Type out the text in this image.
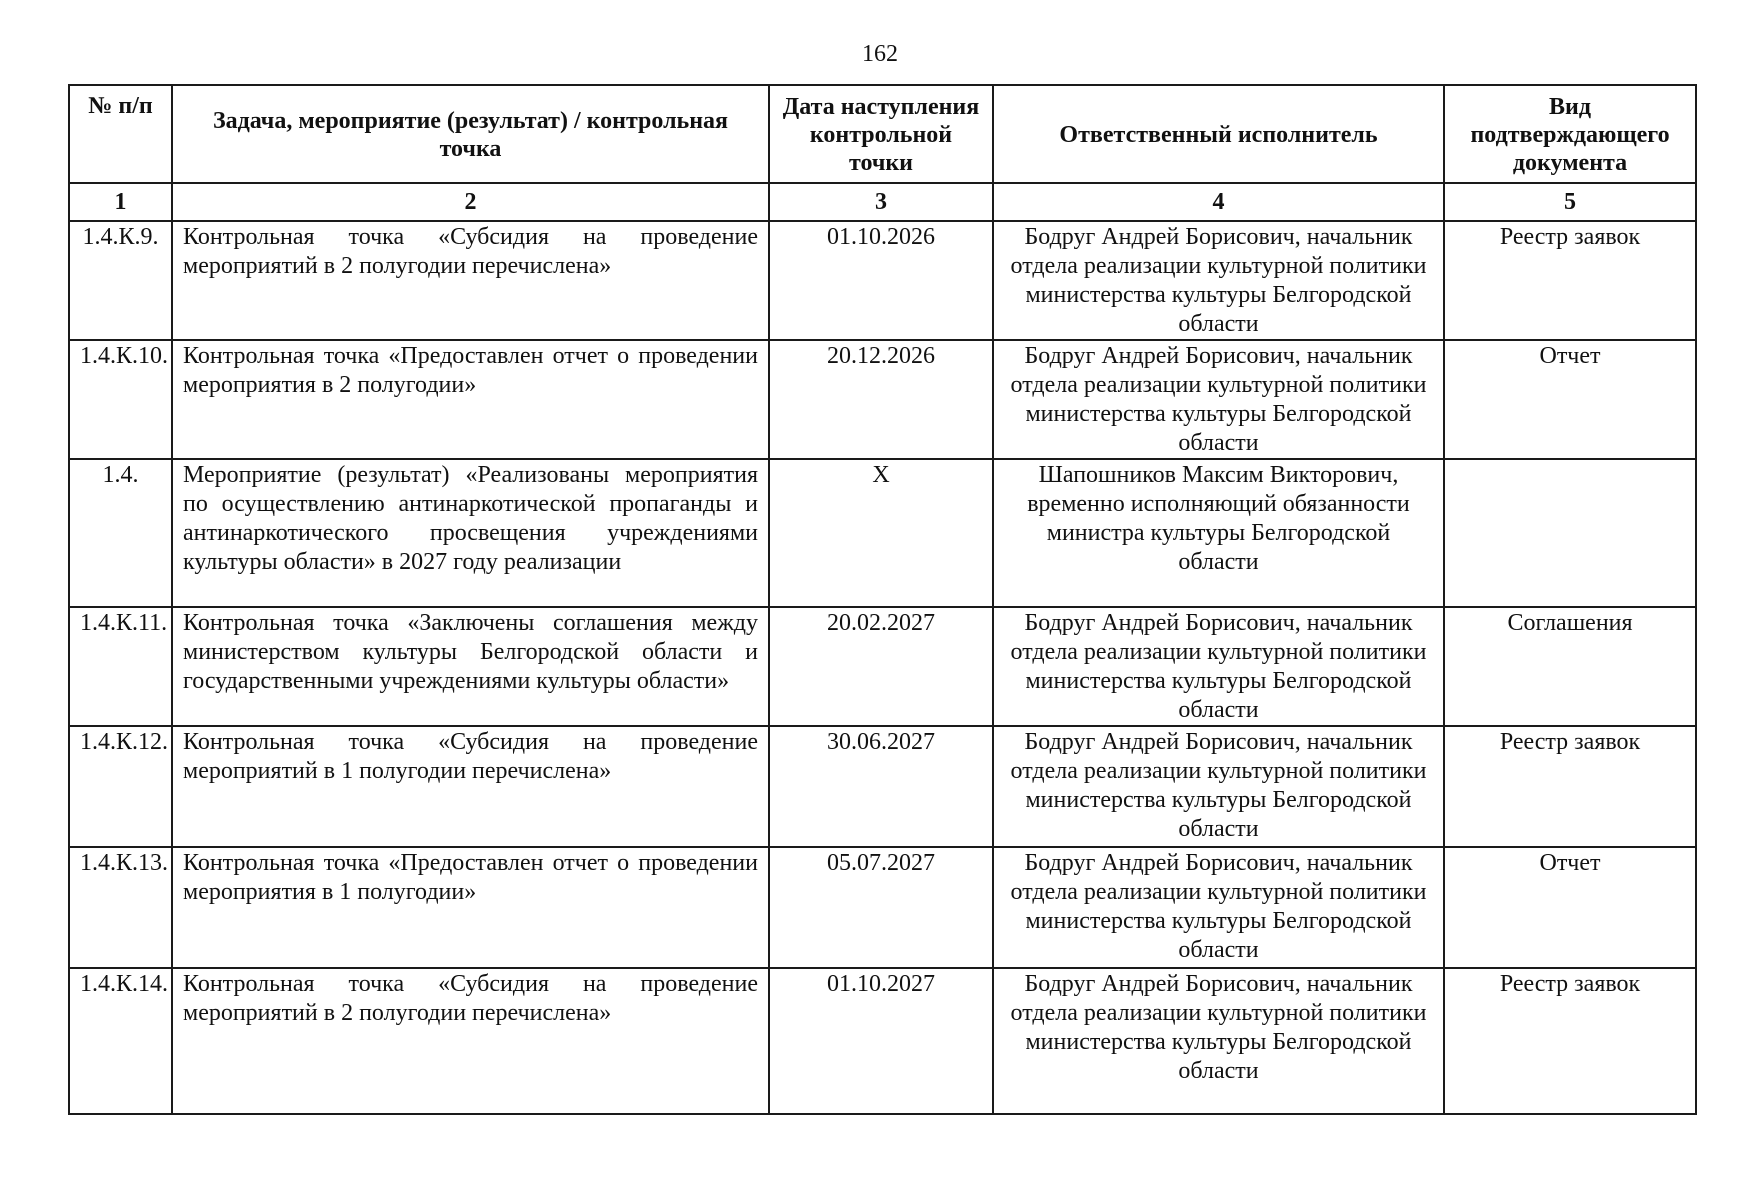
162
№ п/п	Задача, мероприятие (результат) / контрольная точка	Дата наступления контрольной точки	Ответственный исполнитель	Вид подтверждающего документа
1	2	3	4	5
1.4.К.9.	Контрольная точка «Субсидия на проведение мероприятий в 2 полугодии перечислена»	01.10.2026	Бодруг Андрей Борисович, начальник отдела реализации культурной политики министерства культуры Белгородской области	Реестр заявок
1.4.К.10.	Контрольная точка «Предоставлен отчет о проведении мероприятия в 2 полугодии»	20.12.2026	Бодруг Андрей Борисович, начальник отдела реализации культурной политики министерства культуры Белгородской области	Отчет
1.4.	Мероприятие (результат) «Реализованы мероприятия по осуществлению антинаркотической пропаганды и антинаркотического просвещения учреждениями культуры области» в 2027 году реализации	Х	Шапошников Максим Викторович, временно исполняющий обязанности министра культуры Белгородской области	
1.4.К.11.	Контрольная точка «Заключены соглашения между министерством культуры Белгородской области и государственными учреждениями культуры области»	20.02.2027	Бодруг Андрей Борисович, начальник отдела реализации культурной политики министерства культуры Белгородской области	Соглашения
1.4.К.12.	Контрольная точка «Субсидия на проведение мероприятий в 1 полугодии перечислена»	30.06.2027	Бодруг Андрей Борисович, начальник отдела реализации культурной политики министерства культуры Белгородской области	Реестр заявок
1.4.К.13.	Контрольная точка «Предоставлен отчет о проведении мероприятия в 1 полугодии»	05.07.2027	Бодруг Андрей Борисович, начальник отдела реализации культурной политики министерства культуры Белгородской области	Отчет
1.4.К.14.	Контрольная точка «Субсидия на проведение мероприятий в 2 полугодии перечислена»	01.10.2027	Бодруг Андрей Борисович, начальник отдела реализации культурной политики министерства культуры Белгородской области	Реестр заявок
